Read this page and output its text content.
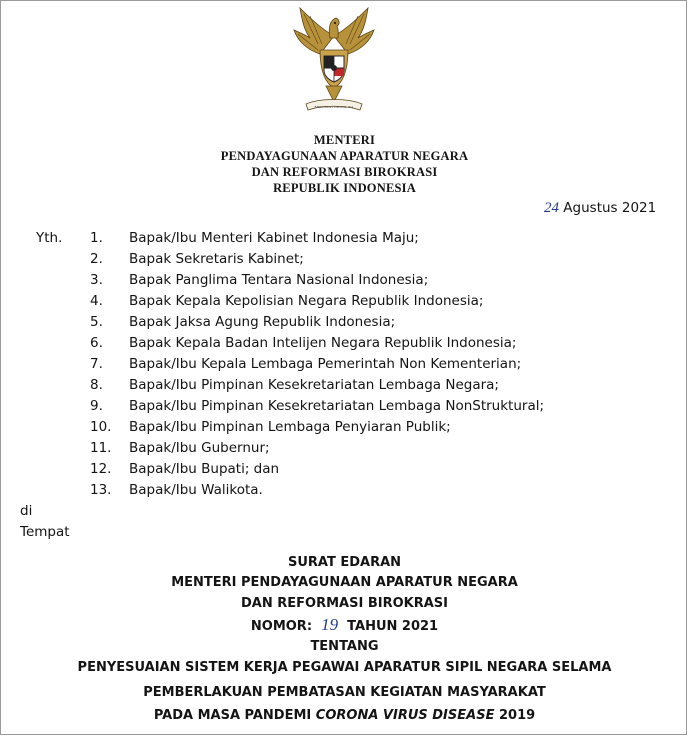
BHINNEKA TUNGGAL IKA
MENTERI
PENDAYAGUNAAN APARATUR NEGARA
DAN REFORMASI BIROKRASI
REPUBLIK INDONESIA
24 Agustus 2021
Yth. 1. Bapak/Ibu Menteri Kabinet Indonesia Maju;
2. Bapak Sekretaris Kabinet;
3. Bapak Panglima Tentara Nasional Indonesia;
4. Bapak Kepala Kepolisian Negara Republik Indonesia;
5. Bapak Jaksa Agung Republik Indonesia;
6. Bapak Kepala Badan Intelijen Negara Republik Indonesia;
7. Bapak/Ibu Kepala Lembaga Pemerintah Non Kementerian;
8. Bapak/Ibu Pimpinan Kesekretariatan Lembaga Negara;
9. Bapak/Ibu Pimpinan Kesekretariatan Lembaga NonStruktural;
10. Bapak/Ibu Pimpinan Lembaga Penyiaran Publik;
11. Bapak/Ibu Gubernur;
12. Bapak/Ibu Bupati; dan
13. Bapak/Ibu Walikota.
di
Tempat
SURAT EDARAN
MENTERI PENDAYAGUNAAN APARATUR NEGARA
DAN REFORMASI BIROKRASI
NOMOR: 19 TAHUN 2021
TENTANG
PENYESUAIAN SISTEM KERJA PEGAWAI APARATUR SIPIL NEGARA SELAMA
PEMBERLAKUAN PEMBATASAN KEGIATAN MASYARAKAT
PADA MASA PANDEMI CORONA VIRUS DISEASE 2019
